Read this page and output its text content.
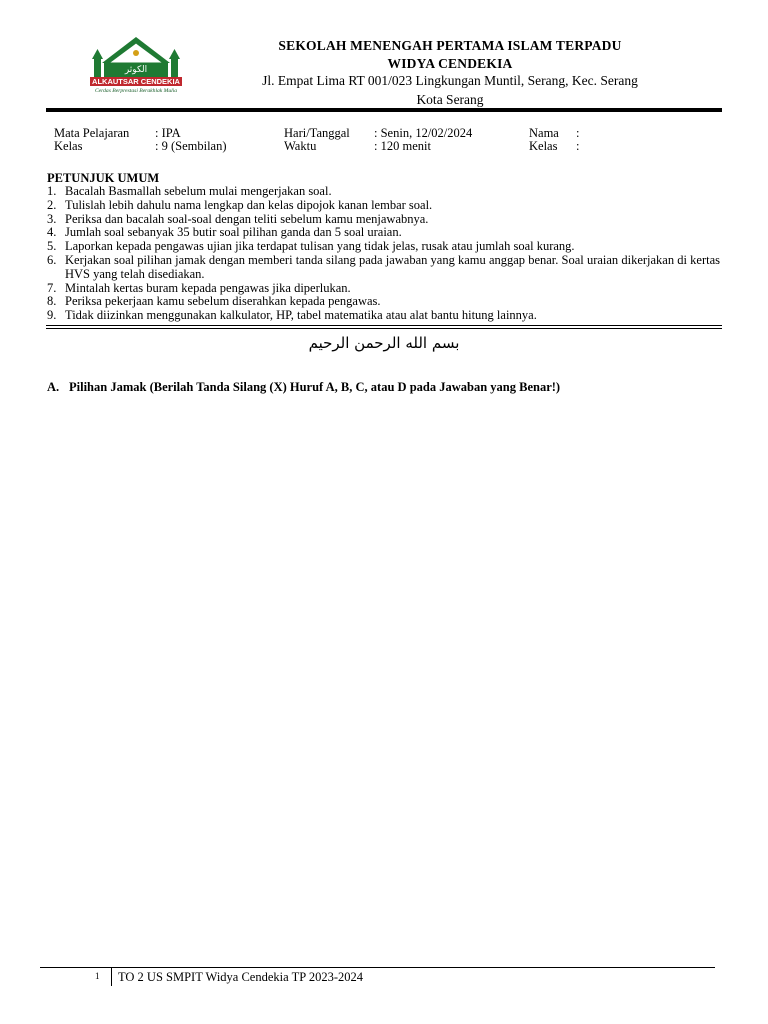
الكوثر
ALKAUTSAR CENDEKIA
Cerdas Berprestasi Berakhlak Mulia
SEKOLAH MENENGAH PERTAMA ISLAM TERPADU
WIDYA CENDEKIA
Jl. Empat Lima RT 001/023 Lingkungan Muntil, Serang, Kec. Serang
Kota Serang
Mata Pelajaran : IPA	Hari/Tanggal : Senin, 12/02/2024	Nama :
Kelas	: 9 (Sembilan)	Waktu	: 120 menit	Kelas :
PETUNJUK UMUM
1. Bacalah Basmallah sebelum mulai mengerjakan soal.
2. Tulislah lebih dahulu nama lengkap dan kelas dipojok kanan lembar soal.
3. Periksa dan bacalah soal-soal dengan teliti sebelum kamu menjawabnya.
4. Jumlah soal sebanyak 35 butir soal pilihan ganda dan 5 soal uraian.
5. Laporkan kepada pengawas ujian jika terdapat tulisan yang tidak jelas, rusak atau jumlah soal kurang.
6. Kerjakan soal pilihan jamak dengan memberi tanda silang pada jawaban yang kamu anggap benar. Soal uraian dikerjakan di kertas HVS yang telah disediakan.
7. Mintalah kertas buram kepada pengawas jika diperlukan.
8. Periksa pekerjaan kamu sebelum diserahkan kepada pengawas.
9. Tidak diizinkan menggunakan kalkulator, HP, tabel matematika atau alat bantu hitung lainnya.
بسم الله الرحمن الرحيم
A. Pilihan Jamak (Berilah Tanda Silang (X) Huruf A, B, C, atau D pada Jawaban yang Benar!)
1 TO 2 US SMPIT Widya Cendekia TP 2023-2024
